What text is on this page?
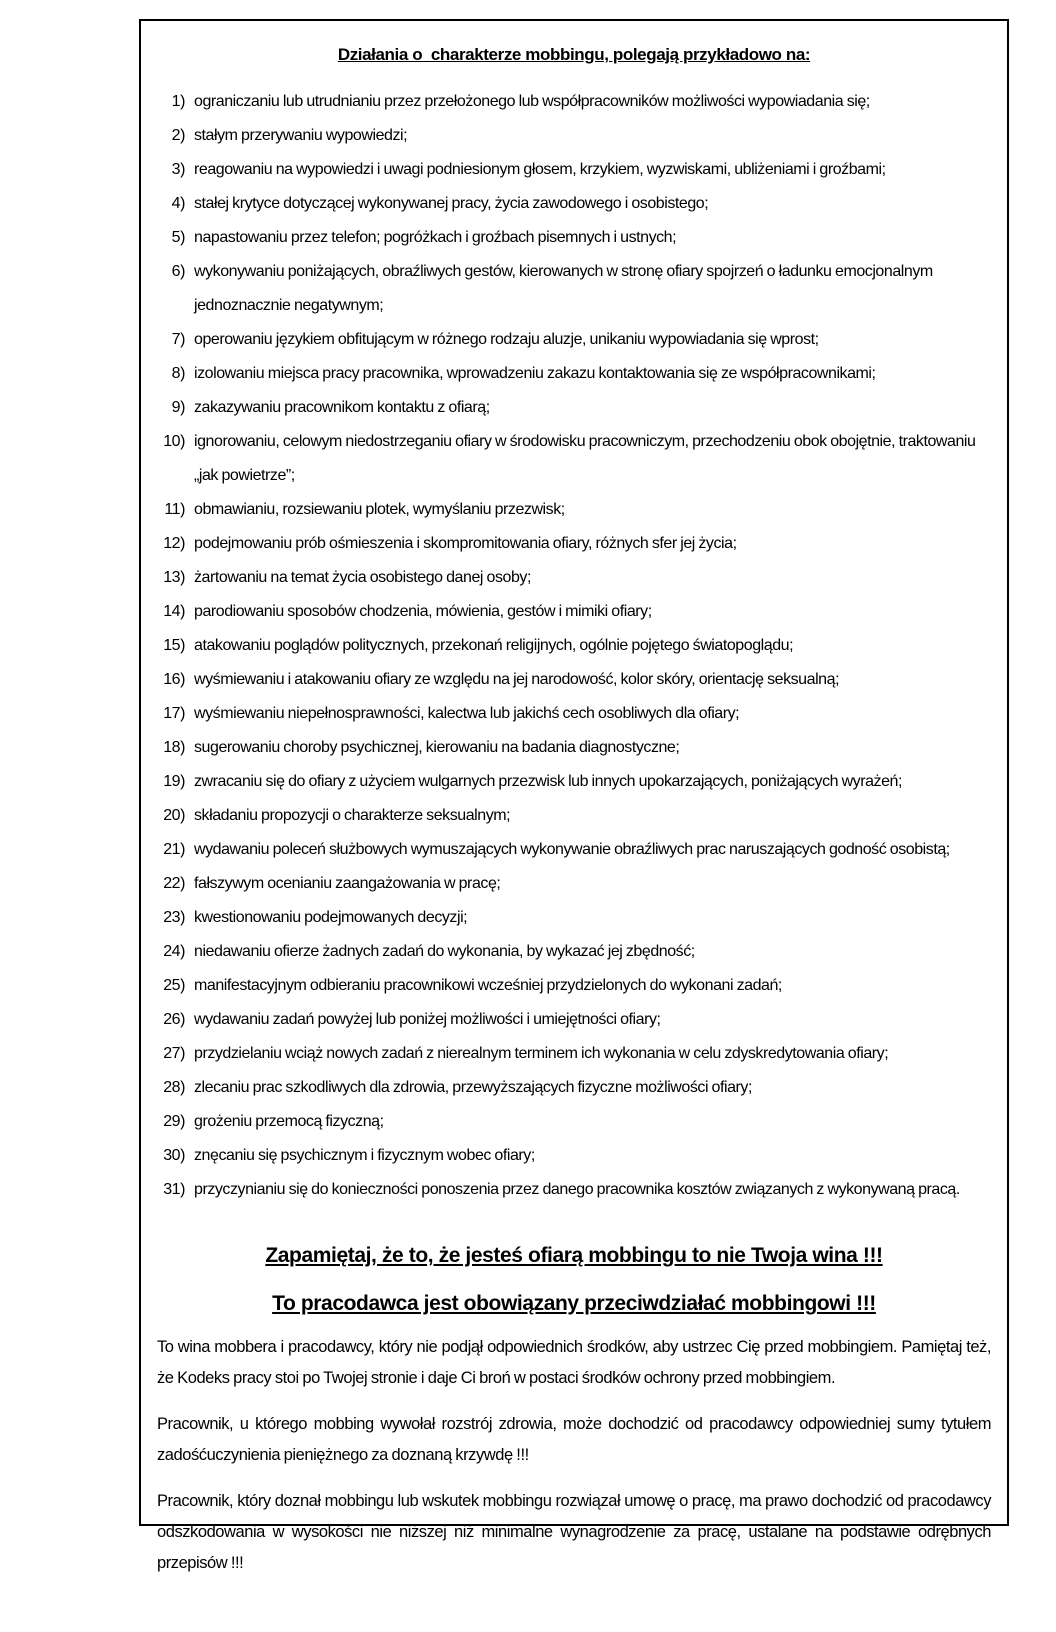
Działania o  charakterze mobbingu, polegają przykładowo na:
1) ograniczaniu lub utrudnianiu przez przełożonego lub współpracowników możliwości wypowiadania się;
2) stałym przerywaniu wypowiedzi;
3) reagowaniu na wypowiedzi i uwagi podniesionym głosem, krzykiem, wyzwiskami, ubliżeniami i groźbami;
4) stałej krytyce dotyczącej wykonywanej pracy, życia zawodowego i osobistego;
5) napastowaniu przez telefon; pogróżkach i groźbach pisemnych i ustnych;
6) wykonywaniu poniżających, obraźliwych gestów, kierowanych w stronę ofiary spojrzeń o ładunku emocjonalnym jednoznacznie negatywnym;
7) operowaniu językiem obfitującym w różnego rodzaju aluzje, unikaniu wypowiadania się wprost;
8) izolowaniu miejsca pracy pracownika, wprowadzeniu zakazu kontaktowania się ze współpracownikami;
9) zakazywaniu pracownikom kontaktu z ofiarą;
10) ignorowaniu, celowym niedostrzeganiu ofiary w środowisku pracowniczym, przechodzeniu obok obojętnie, traktowaniu „jak powietrze”;
11) obmawianiu, rozsiewaniu plotek, wymyślaniu przezwisk;
12) podejmowaniu prób ośmieszenia i skompromitowania ofiary, różnych sfer jej życia;
13) żartowaniu na temat życia osobistego danej osoby;
14) parodiowaniu sposobów chodzenia, mówienia, gestów i mimiki ofiary;
15) atakowaniu poglądów politycznych, przekonań religijnych, ogólnie pojętego światopoglądu;
16) wyśmiewaniu i atakowaniu ofiary ze względu na jej narodowość, kolor skóry, orientację seksualną;
17) wyśmiewaniu niepełnosprawności, kalectwa lub jakichś cech osobliwych dla ofiary;
18) sugerowaniu choroby psychicznej, kierowaniu na badania diagnostyczne;
19) zwracaniu się do ofiary z użyciem wulgarnych przezwisk lub innych upokarzających, poniżających wyrażeń;
20) składaniu propozycji o charakterze seksualnym;
21) wydawaniu poleceń służbowych wymuszających wykonywanie obraźliwych prac naruszających godność osobistą;
22) fałszywym ocenianiu zaangażowania w pracę;
23) kwestionowaniu podejmowanych decyzji;
24) niedawaniu ofierze żadnych zadań do wykonania, by wykazać jej zbędność;
25) manifestacyjnym odbieraniu pracownikowi wcześniej przydzielonych do wykonani zadań;
26) wydawaniu zadań powyżej lub poniżej możliwości i umiejętności ofiary;
27) przydzielaniu wciąż nowych zadań z nierealnym terminem ich wykonania w celu zdyskredytowania ofiary;
28) zlecaniu prac szkodliwych dla zdrowia, przewyższających fizyczne możliwości ofiary;
29) grożeniu przemocą fizyczną;
30) znęcaniu się psychicznym i fizycznym wobec ofiary;
31) przyczynianiu się do konieczności ponoszenia przez danego pracownika kosztów związanych z wykonywaną pracą.

Zapamiętaj, że to, że jesteś ofiarą mobbingu to nie Twoja wina !!!

To pracodawca jest obowiązany przeciwdziałać mobbingowi !!!

To wina mobbera i pracodawcy, który nie podjął odpowiednich środków, aby ustrzec Cię przed mobbingiem. Pamiętaj też, że Kodeks pracy stoi po Twojej stronie i daje Ci broń w postaci środków ochrony przed mobbingiem.

Pracownik, u którego mobbing wywołał rozstrój zdrowia, może dochodzić od pracodawcy odpowiedniej sumy tytułem zadośćuczynienia pieniężnego za doznaną krzywdę !!!

Pracownik, który doznał mobbingu lub wskutek mobbingu rozwiązał umowę o pracę, ma prawo dochodzić od pracodawcy odszkodowania w wysokości nie niższej niż minimalne wynagrodzenie za pracę, ustalane na podstawie odrębnych przepisów !!!
